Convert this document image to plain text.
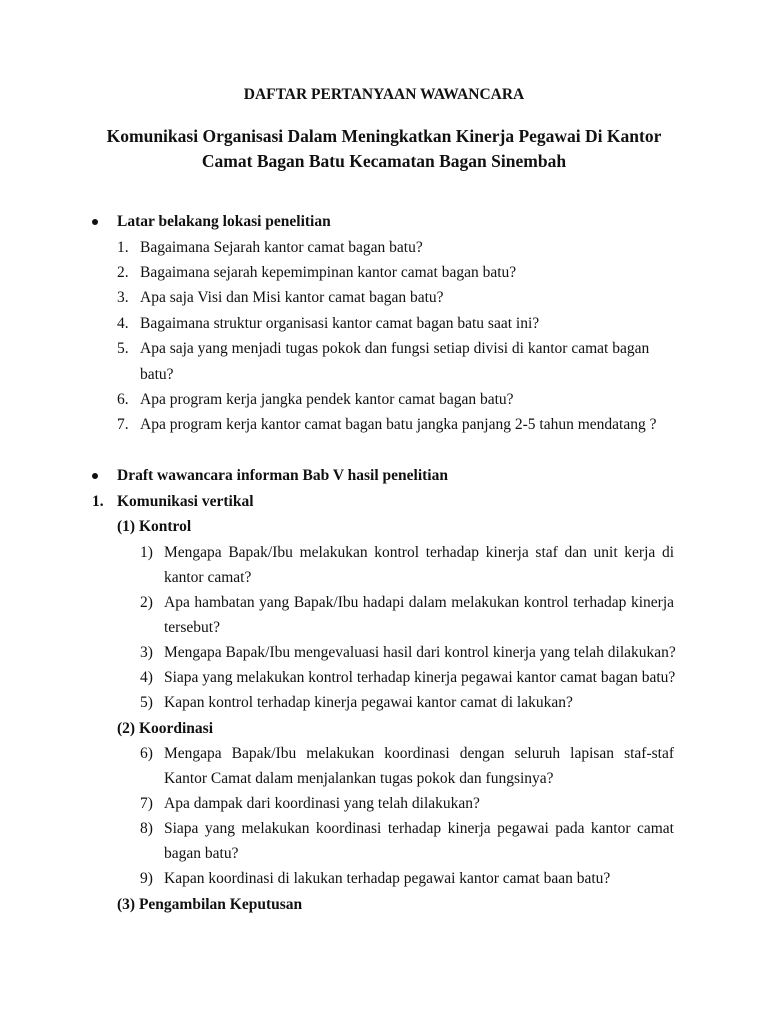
DAFTAR PERTANYAAN WAWANCARA
Komunikasi Organisasi Dalam Meningkatkan Kinerja Pegawai Di Kantor
Camat Bagan Batu Kecamatan Bagan Sinembah
Latar belakang lokasi penelitian
1. Bagaimana Sejarah kantor camat bagan batu?
2. Bagaimana sejarah kepemimpinan kantor camat bagan batu?
3. Apa saja Visi dan Misi kantor camat bagan batu?
4. Bagaimana struktur organisasi kantor camat bagan batu saat ini?
5. Apa saja yang menjadi tugas pokok dan fungsi setiap divisi di kantor camat bagan
batu?
6. Apa program kerja jangka pendek kantor camat bagan batu?
7. Apa program kerja kantor camat bagan batu jangka panjang 2-5 tahun mendatang ?
Draft wawancara informan Bab V hasil penelitian
1. Komunikasi vertikal
(1) Kontrol
1) Mengapa Bapak/Ibu melakukan kontrol terhadap kinerja staf dan unit kerja di
kantor camat?
2) Apa hambatan yang Bapak/Ibu hadapi dalam melakukan kontrol terhadap kinerja
tersebut?
3) Mengapa Bapak/Ibu mengevaluasi hasil dari kontrol kinerja yang telah dilakukan?
4) Siapa yang melakukan kontrol terhadap kinerja pegawai kantor camat bagan batu?
5) Kapan kontrol terhadap kinerja pegawai kantor camat di lakukan?
(2) Koordinasi
6) Mengapa Bapak/Ibu melakukan koordinasi dengan seluruh lapisan staf-staf
Kantor Camat dalam menjalankan tugas pokok dan fungsinya?
7) Apa dampak dari koordinasi yang telah dilakukan?
8) Siapa yang melakukan koordinasi terhadap kinerja pegawai pada kantor camat
bagan batu?
9) Kapan koordinasi di lakukan terhadap pegawai kantor camat baan batu?
(3) Pengambilan Keputusan
